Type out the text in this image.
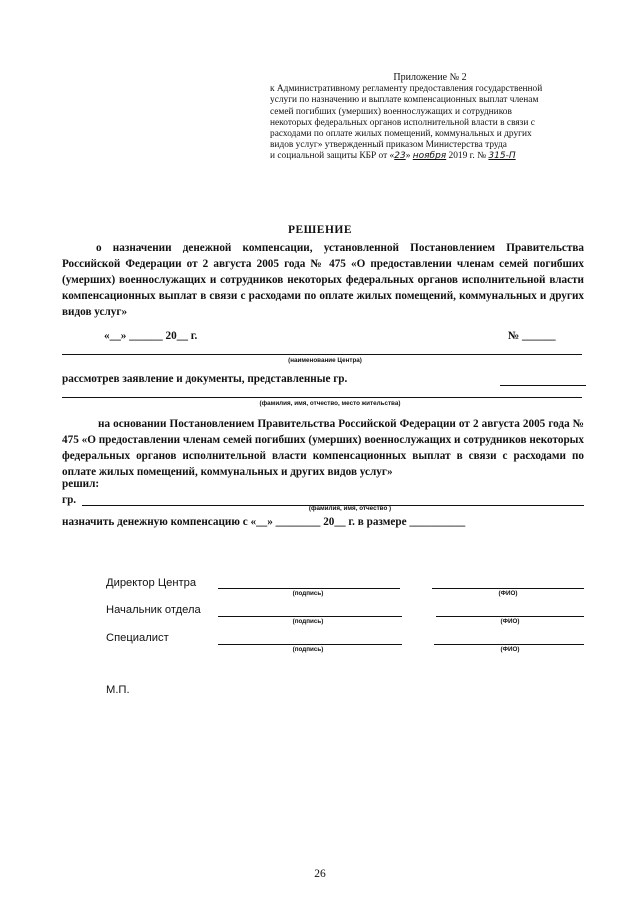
Приложение № 2
к Административному регламенту предоставления государственной
услуги по назначению и выплате компенсационных выплат членам
семей погибших (умерших) военнослужащих и сотрудников
некоторых федеральных органов исполнительной власти в связи с
расходами по оплате жилых помещений, коммунальных и других
видов услуг» утвержденный приказом Министерства труда
и социальной защиты КБР от «23» ноября 2019 г. № 315-П
РЕШЕНИЕ
о назначении денежной компенсации, установленной Постановлением Правительства Российской Федерации от 2 августа 2005 года № 475 «О предоставлении членам семей погибших (умерших) военнослужащих и сотрудников некоторых федеральных органов исполнительной власти компенсационных выплат в связи с расходами по оплате жилых помещений, коммунальных и других видов услуг»
«__» ______ 20__ г.	№ ______
(наименование Центра)
рассмотрев заявление и документы, представленные гр.
(фамилия, имя, отчество, место жительства)
на основании Постановлением Правительства Российской Федерации от 2 августа 2005 года № 475 «О предоставлении членам семей погибших (умерших) военнослужащих и сотрудников некоторых федеральных органов исполнительной власти компенсационных выплат в связи с расходами по оплате жилых помещений, коммунальных и других видов услуг»
решил:
гр.
(фамилия, имя, отчество )
назначить денежную компенсацию с «__» ________ 20__ г. в размере __________
Директор Центра
(подпись)	(ФИО)
Начальник отдела
(подпись)	(ФИО)
Специалист
(подпись)	(ФИО)
М.П.
26
